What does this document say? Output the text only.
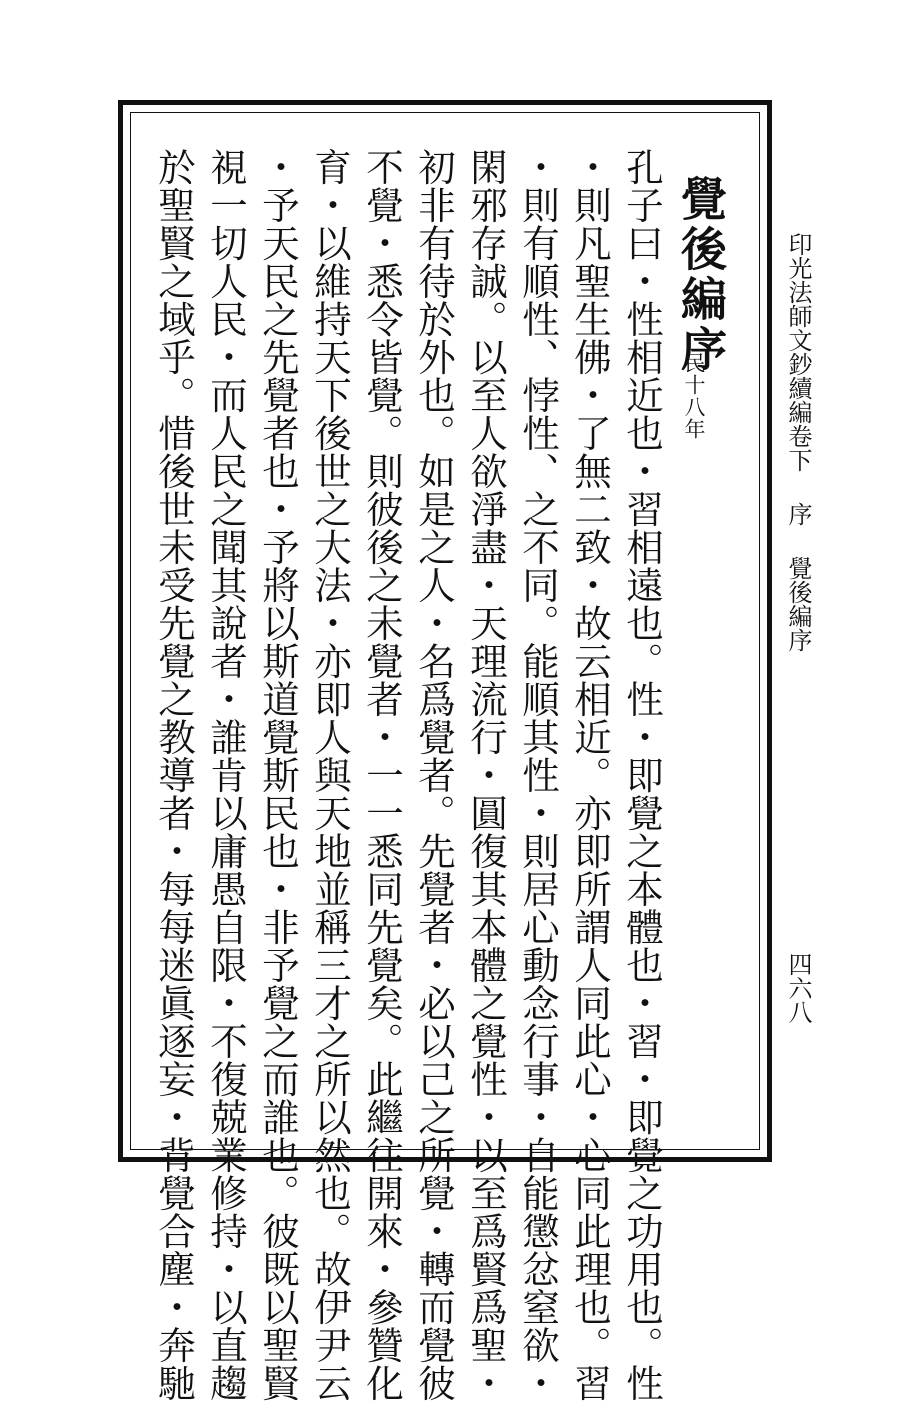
印光法師文鈔續編卷下序覺後編序
四六八
覺後編序
民十八年
孔子曰・性相近也・習相遠也。性・即覺之本體也・習・即覺之功用也。性
・則凡聖生佛・了無二致・故云相近。亦即所謂人同此心・心同此理也。習
・則有順性、悖性、之不同。能順其性・則居心動念行事・自能懲忿窒欲・
閑邪存誠。以至人欲淨盡・天理流行・圓復其本體之覺性・以至爲賢爲聖・
初非有待於外也。如是之人・名爲覺者。先覺者・必以己之所覺・轉而覺彼
不覺・悉令皆覺。則彼後之未覺者・一一悉同先覺矣。此繼往開來・參贊化
育・以維持天下後世之大法・亦即人與天地並稱三才之所以然也。故伊尹云
・予天民之先覺者也・予將以斯道覺斯民也・非予覺之而誰也。彼既以聖賢
視一切人民・而人民之聞其說者・誰肯以庸愚自限・不復兢業修持・以直趨
於聖賢之域乎。惜後世未受先覺之教導者・每每迷眞逐妄・背覺合塵・奔馳
